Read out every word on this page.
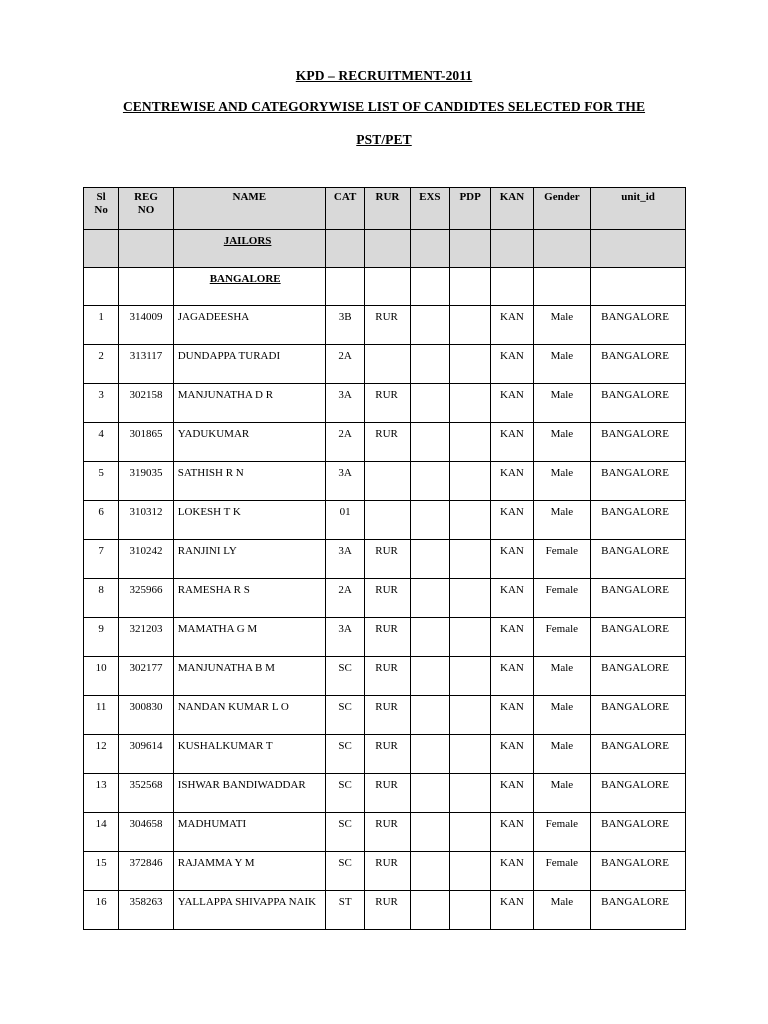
KPD – RECRUITMENT-2011
CENTREWISE AND CATEGORYWISE LIST OF CANDIDTES SELECTED FOR THE
PST/PET
Sl No	REG NO	NAME	CAT	RUR	EXS	PDP	KAN	Gender	unit_id
		JAILORS							
		BANGALORE							
1	314009	JAGADEESHA	3B	RUR			KAN	Male	BANGALORE
2	313117	DUNDAPPA TURADI	2A				KAN	Male	BANGALORE
3	302158	MANJUNATHA D R	3A	RUR			KAN	Male	BANGALORE
4	301865	YADUKUMAR	2A	RUR			KAN	Male	BANGALORE
5	319035	SATHISH R N	3A				KAN	Male	BANGALORE
6	310312	LOKESH T K	01				KAN	Male	BANGALORE
7	310242	RANJINI LY	3A	RUR			KAN	Female	BANGALORE
8	325966	RAMESHA R S	2A	RUR			KAN	Female	BANGALORE
9	321203	MAMATHA G M	3A	RUR			KAN	Female	BANGALORE
10	302177	MANJUNATHA B M	SC	RUR			KAN	Male	BANGALORE
11	300830	NANDAN KUMAR L O	SC	RUR			KAN	Male	BANGALORE
12	309614	KUSHALKUMAR T	SC	RUR			KAN	Male	BANGALORE
13	352568	ISHWAR BANDIWADDAR	SC	RUR			KAN	Male	BANGALORE
14	304658	MADHUMATI	SC	RUR			KAN	Female	BANGALORE
15	372846	RAJAMMA Y M	SC	RUR			KAN	Female	BANGALORE
16	358263	YALLAPPA SHIVAPPA NAIK	ST	RUR			KAN	Male	BANGALORE
